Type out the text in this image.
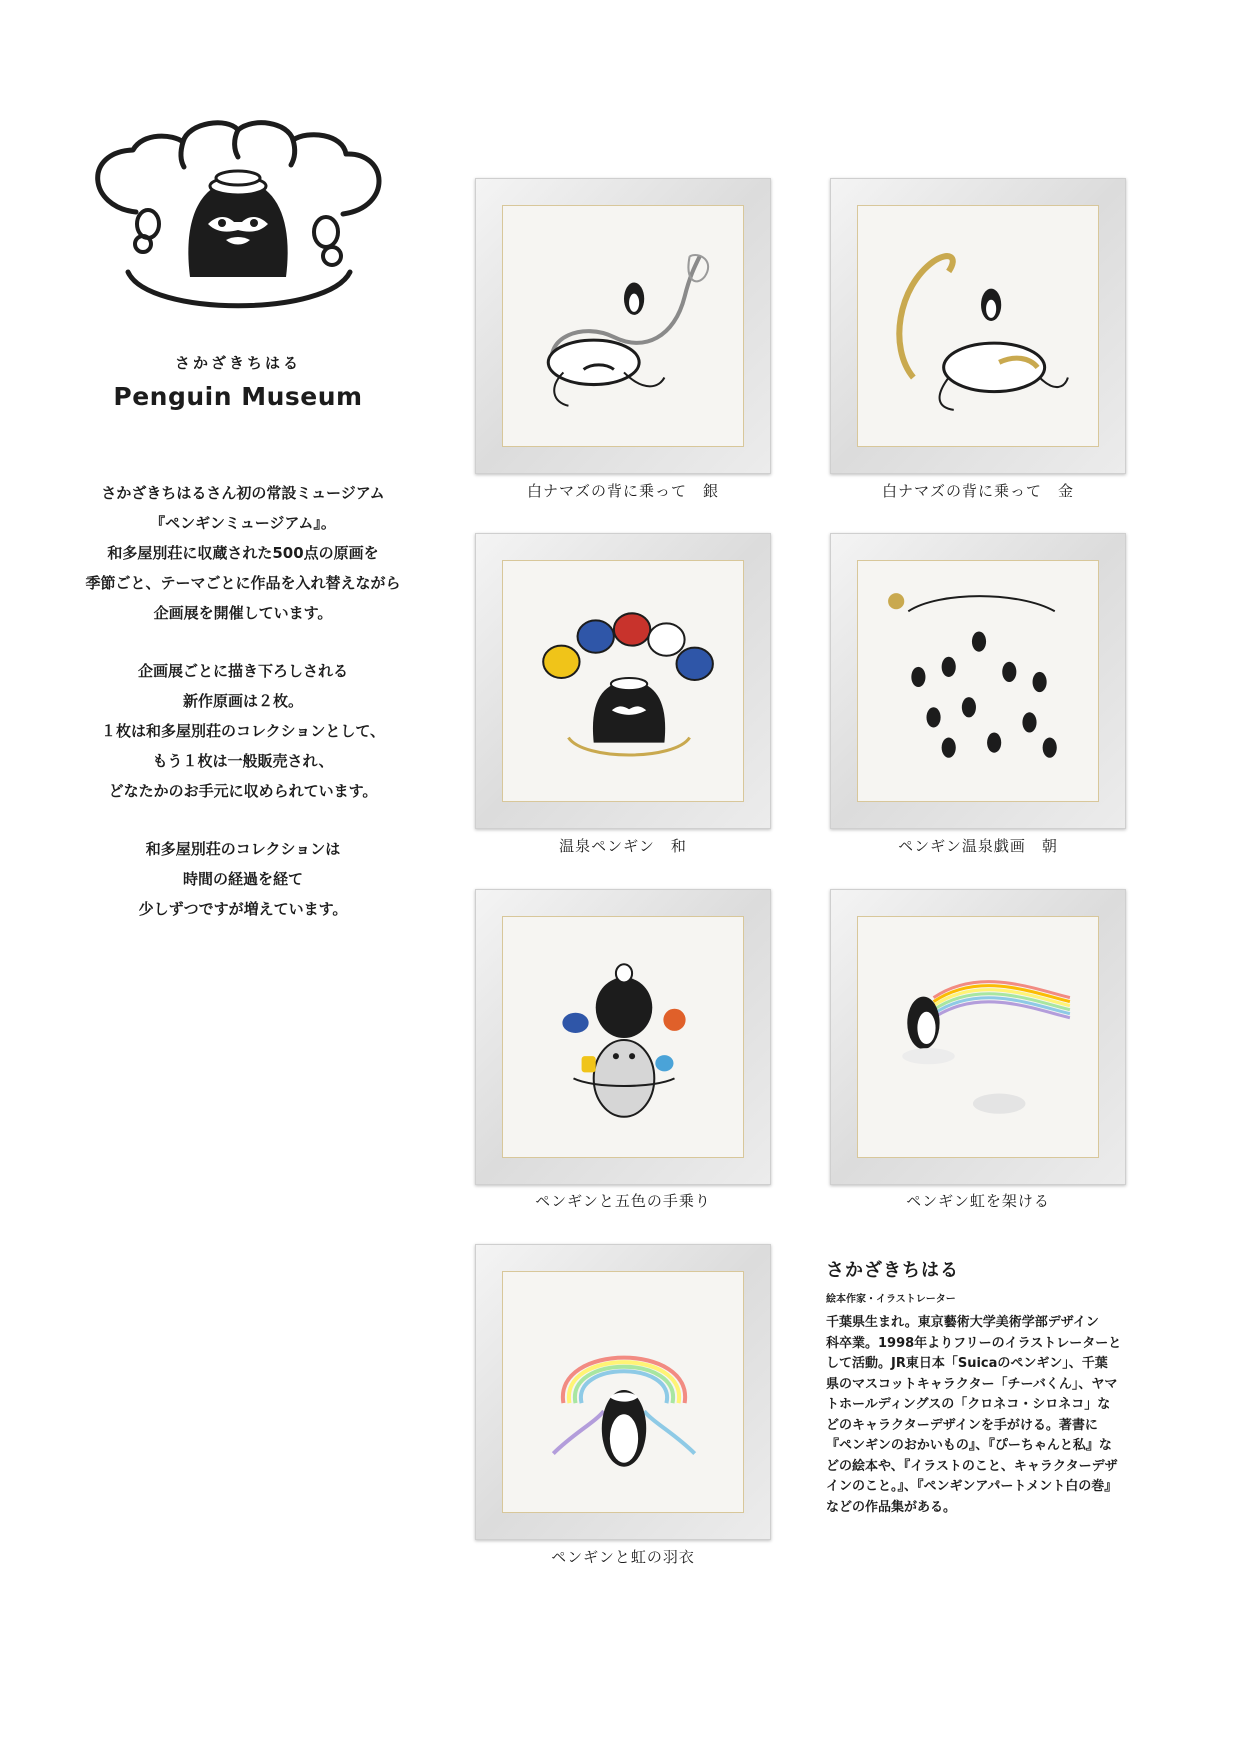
さかざきちはる
Penguin Museum
さかざきちはるさん初の常設ミュージアム
『ペンギンミュージアム』。
和多屋別荘に収蔵された500点の原画を
季節ごと、テーマごとに作品を入れ替えながら
企画展を開催しています。
企画展ごとに描き下ろしされる
新作原画は２枚。
１枚は和多屋別荘のコレクションとして、
もう１枚は一般販売され、
どなたかのお手元に収められています。
和多屋別荘のコレクションは
時間の経過を経て
少しずつですが増えています。
白ナマズの背に乗って　銀	白ナマズの背に乗って　金
温泉ペンギン　和	ペンギン温泉戯画　朝
ペンギンと五色の手乗り	ペンギン虹を架ける
ペンギンと虹の羽衣
さかざきちはる
絵本作家・イラストレーター
千葉県生まれ。東京藝術大学美術学部デザイン
科卒業。1998年よりフリーのイラストレーターと
して活動。JR東日本「Suicaのペンギン」、千葉
県のマスコットキャラクター「チーバくん」、ヤマ
トホールディングスの「クロネコ・シロネコ」な
どのキャラクターデザインを手がける。著書に
『ペンギンのおかいもの』、『ぴーちゃんと私』な
どの絵本や、『イラストのこと、キャラクターデザ
インのこと。』、『ペンギンアパートメント白の巻』
などの作品集がある。
